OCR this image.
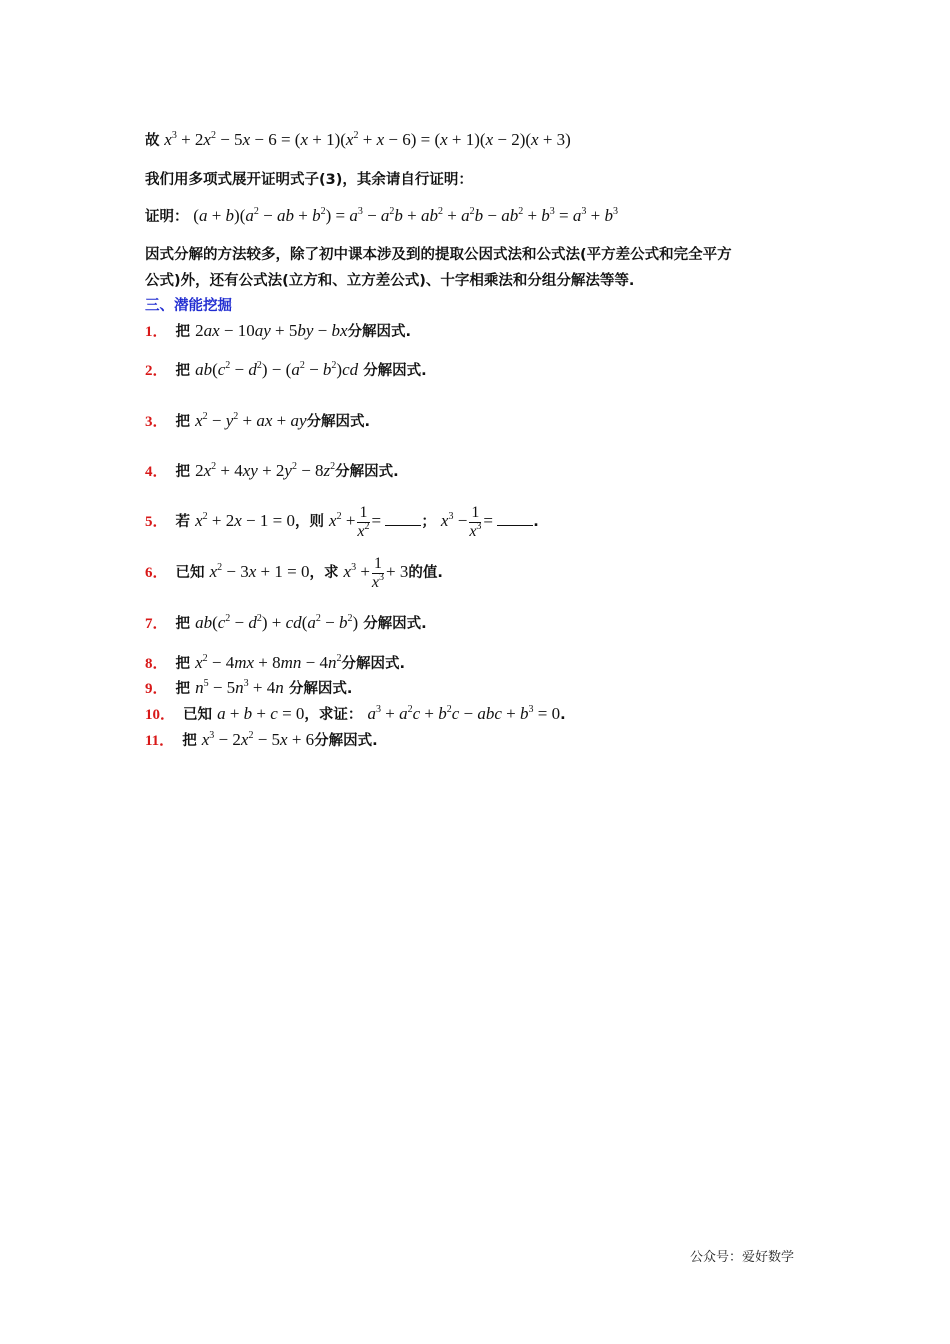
故 $x^3 + 2x^2 - 5x - 6 = (x + 1)(x^2 + x - 6) = (x + 1)(x - 2)(x + 3)$
我们用多项式展开证明式子(3)，其余请自行证明：
证明： $(a + b)(a^2$ − ab + $b^2) = a^3 - a^2b + ab^2 + a^2b - ab^2 + b^3 = a^3 + b^3$
因式分解的方法较多，除了初中课本涉及到的提取公因式法和公式法(平方差公式和完全平方
公式)外，还有公式法(立方和、立方差公式)、十字相乘法和分组分解法等等.
三、潜能挖掘
1． 把 2ax − 10ay + 5by − bx分解因式.
2． 把 $ab(c^2 - d^2) - (a^2 - b^2)cd$ 分解因式.
3． 把 $x^2 - y^2$ + ax + ay分解因式.
4． 把 $2x^2 + 4xy + 2y^2 - 8z^2$分解因式.
5． 若 $x^2 + 2x - 1 = 0$，则 $x^2 + \frac{1}{x^2}$ = ； $x^3 - \frac{1}{x^3}$ = .
6． 已知 $x^2 - 3x + 1 = 0$，求 $x^3 + \frac{1}{x^3} + 3$的值.
7． 把 $ab(c^2 - d^2) + cd(a^2 - b^2)$ 分解因式.
8． 把 $x^2 - 4mx + 8mn - 4n^2$分解因式.
9． 把 $n^5 - 5n^3 + 4n$ 分解因式.
10． 已知 a + b + c = 0，求证： $a^3 + a^2c + b^2c$ − abc + $b^3 = 0$.
11． 把 $x^3 - 2x^2 - 5x + 6$分解因式.
公众号：爱好数学
